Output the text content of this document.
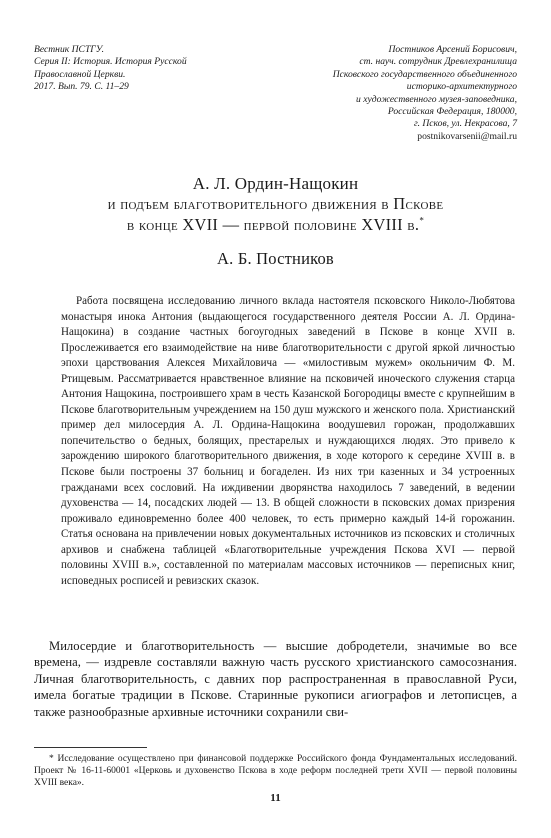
Вестник ПСТГУ.
Серия II: История. История Русской
Православной Церкви.
2017. Вып. 79. С. 11–29
Постников Арсений Борисович,
ст. науч. сотрудник Древлехранилища
Псковского государственного объединенного
историко-архитектурного
и художественного музея-заповедника,
Российская Федерация, 180000,
г. Псков, ул. Некрасова, 7
postnikovarsenii@mail.ru
А. Л. Ордин-Нащокин
и подъем благотворительного движения в Пскове
в конце XVII — первой половине XVIII в.*
А. Б. Постников

Работа посвящена исследованию личного вклада настоятеля псковского Николо-Любятова монастыря инока Антония (выдающегося государственного деятеля России А. Л. Ордина-Нащокина) в создание частных богоугодных заведений в Пскове в конце XVII в. Прослеживается его взаимодействие на ниве благотворительности с другой яркой личностью эпохи царствования Алексея Михайловича — «милостивым мужем» окольничим Ф. М. Ртищевым. Рассматривается нравственное влияние на псковичей иноческого служения старца Антония Нащокина, построившего храм в честь Казанской Богородицы вместе с крупнейшим в Пскове благотворительным учреждением на 150 душ мужского и женского пола. Христианский пример дел милосердия А. Л. Ордина-Нащокина воодушевил горожан, продолжавших попечительство о бедных, болящих, престарелых и нуждающихся людях. Это привело к зарождению широкого благотворительного движения, в ходе которого к середине XVIII в. в Пскове были построены 37 больниц и богаделен. Из них три казенных и 34 устроенных гражданами всех сословий. На иждивении дворянства находилось 7 заведений, в ведении духовенства — 14, посадских людей — 13. В общей сложности в псковских домах призрения проживало единовременно более 400 человек, то есть примерно каждый 14-й горожанин. Статья основана на привлечении новых документальных источников из псковских и столичных архивов и снабжена таблицей «Благотворительные учреждения Пскова XVI — первой половины XVIII в.», составленной по материалам массовых источников — переписных книг, исповедных росписей и ревизских сказок.

Милосердие и благотворительность — высшие добродетели, значимые во все времена, — издревле составляли важную часть русского христианского самосознания. Личная благотворительность, с давних пор распространенная в православной Руси, имела богатые традиции в Пскове. Старинные рукописи агиографов и летописцев, а также разнообразные архивные источники сохранили сви-

* Исследование осуществлено при финансовой поддержке Российского фонда Фундаментальных исследований. Проект № 16-11-60001 «Церковь и духовенство Пскова в ходе реформ последней трети XVII — первой половины XVIII века».

11
